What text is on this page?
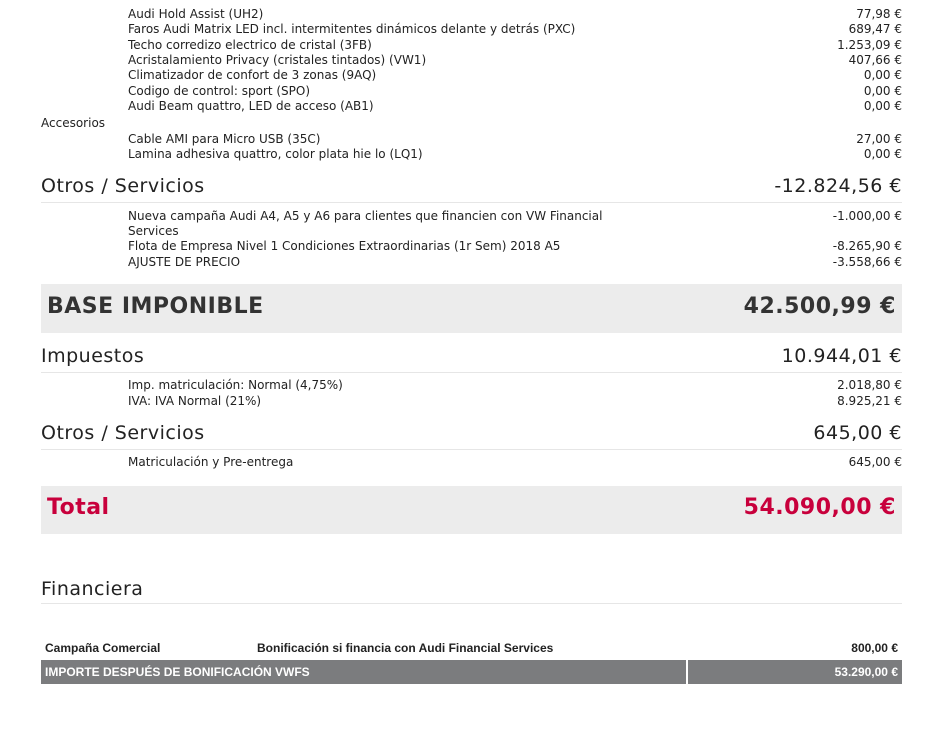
Audi Hold Assist (UH2)	77,98 €
Faros Audi Matrix LED incl. intermitentes dinámicos delante y detrás (PXC)	689,47 €
Techo corredizo electrico de cristal (3FB)	1.253,09 €
Acristalamiento Privacy (cristales tintados) (VW1)	407,66 €
Climatizador de confort de 3 zonas (9AQ)	0,00 €
Codigo de control: sport (SPO)	0,00 €
Audi Beam quattro, LED de acceso (AB1)	0,00 €
Accesorios
Cable AMI para Micro USB (35C)	27,00 €
Lamina adhesiva quattro, color plata hie lo (LQ1)	0,00 €
Otros / Servicios	-12.824,56 €
Nueva campaña Audi A4, A5 y A6 para clientes que financien con VW Financial	-1.000,00 €
Services
Flota de Empresa Nivel 1 Condiciones Extraordinarias (1r Sem) 2018 A5	-8.265,90 €
AJUSTE DE PRECIO	-3.558,66 €
BASE IMPONIBLE	42.500,99 €
Impuestos	10.944,01 €
Imp. matriculación: Normal (4,75%)	2.018,80 €
IVA: IVA Normal (21%)	8.925,21 €
Otros / Servicios	645,00 €
Matriculación y Pre-entrega	645,00 €
Total	54.090,00 €
Financiera
Campaña Comercial	Bonificación si financia con Audi Financial Services	800,00 €
IMPORTE DESPUÉS DE BONIFICACIÓN VWFS	53.290,00 €
